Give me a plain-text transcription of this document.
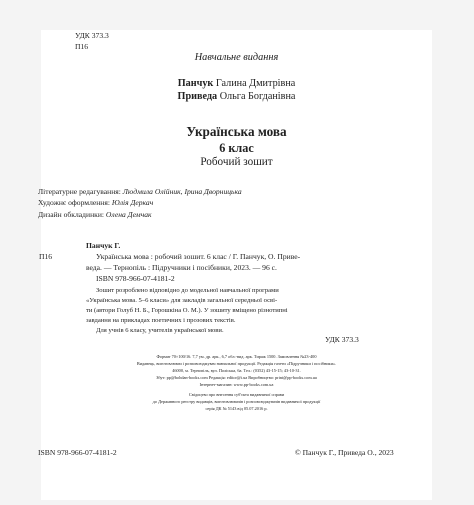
УДК 373.3
П16
Навчальне видання
Панчук Галина Дмитрівна
Приведа Ольга Богданівна
Українська мова
6 клас
Робочий зошит
Літературне редагування: Людмила Олійник, Ірина Дворницька
Художнє оформлення: Юлія Деркач
Дизайн обкладинки: Олена Демчак
Панчук Г.
П16	Українська мова : робочий зошит. 6 клас / Г. Панчук, О. Приве-
веда. — Тернопіль : Підручники і посібники, 2023. — 96 с.
ISBN 978-966-07-4181-2
Зошит розроблено відповідно до модельної навчальної програми
«Українська мова. 5–6 класи» для закладів загальної середньої осві-
ти (автори Голуб Н. Б., Горошкіна О. М.). У зошиту вміщено різнотипні
завдання на прикладах поетичних і прозових текстів.
Для учнів 6 класу, учителів української мови.
УДК 373.3
Формат 70×100/16. 7,7 ум. др. арк., 6,7 обл.-вид. арк. Тираж 1500. Замовлення №23-400
Видавець, виготовлювач і розповсюджувач навчальної продукції. Редакція газети «Підручники і посібники».
46000, м. Тернопіль, вул. Поліська, 6а. Тел.: (0352) 43-15-15; 43-10-31.
Збут: pp@bohdan-books.com Редакція: editor@i.ua Виробництво: print@pp-books.com.ua
Інтернет-магазин: www.pp-books.com.ua
Свідоцтво про внесення суб'єкта видавничої справи
до Державного реєстру видавців, виготовлювачів і розповсюджувачів видавничої продукції
серія ДК № 5143 від 05.07.2016 р.
ISBN 978-966-07-4181-2	© Панчук Г., Приведа О., 2023
